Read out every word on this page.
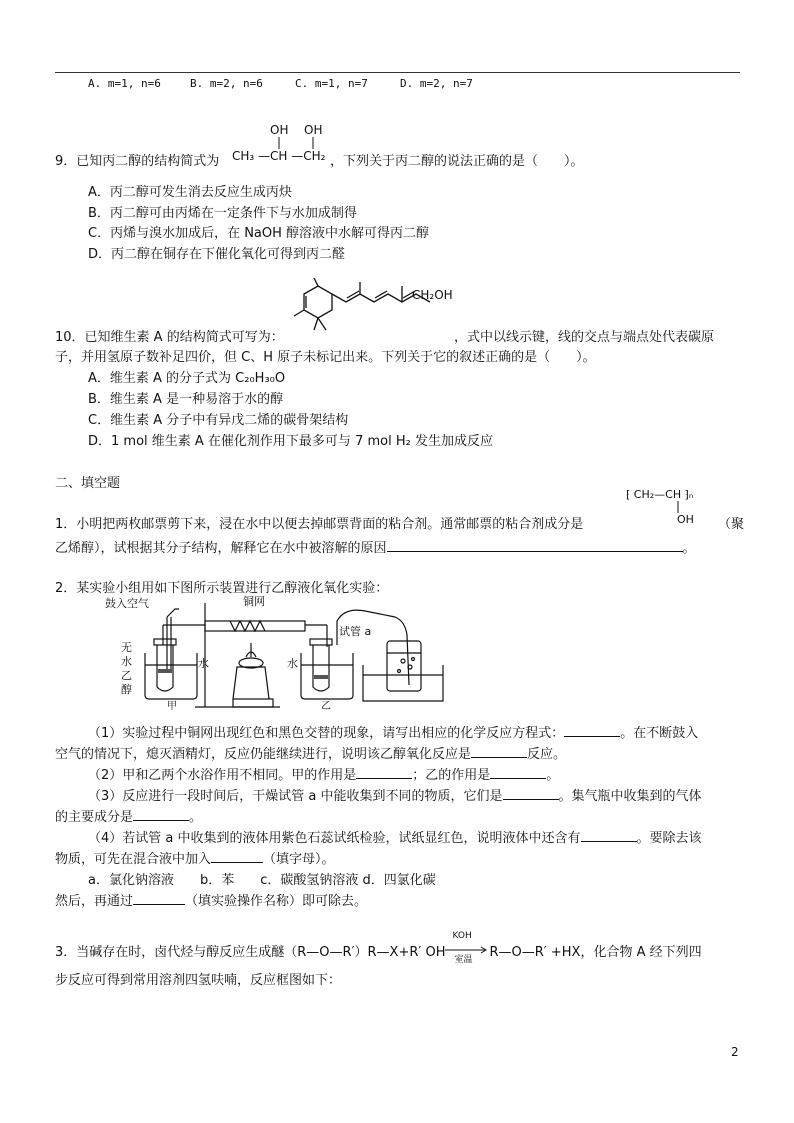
A. m=1, n=6	B. m=2, n=6	C. m=1, n=7	D. m=2, n=7
9．已知丙二醇的结构简式为
OH OH
CH₃ —CH —CH₂ ，下列关于丙二醇的说法正确的是（　　）。
A．丙二醇可发生消去反应生成丙炔
B．丙二醇可由丙烯在一定条件下与水加成制得
C．丙烯与溴水加成后，在 NaOH 醇溶液中水解可得丙二醇
D．丙二醇在铜存在下催化氧化可得到丙二醛
CH₂OH
10．已知维生素 A 的结构简式可写为：	，式中以线示键，线的交点与端点处代表碳原
子，并用氢原子数补足四价，但 C、H 原子未标记出来。下列关于它的叙述正确的是（　　）。
A．维生素 A 的分子式为 C₂₀H₃₀O
B．维生素 A 是一种易溶于水的醇
C．维生素 A 分子中有异戊二烯的碳骨架结构
D．1 mol 维生素 A 在催化剂作用下最多可与 7 mol H₂ 发生加成反应
二、填空题
⁅ CH₂—CH ⁆ₙ
OH
1．小明把两枚邮票剪下来，浸在水中以便去掉邮票背面的粘合剂。通常邮票的粘合剂成分是	（聚
乙烯醇），试根据其分子结构，解释它在水中被溶解的原因	。
2．某实验小组用如下图所示装置进行乙醇液化氧化实验：
鼓入空气	铜网
试管 a
无
水
乙
醇
水	水
甲	乙
（1）实验过程中铜网出现红色和黑色交替的现象，请写出相应的化学反应方程式：	。在不断鼓入
空气的情况下，熄灭酒精灯，反应仍能继续进行，说明该乙醇氧化反应是	反应。
（2）甲和乙两个水浴作用不相同。甲的作用是	；乙的作用是	。
（3）反应进行一段时间后，干燥试管 a 中能收集到不同的物质，它们是	。集气瓶中收集到的气体
的主要成分是	。
（4）若试管 a 中收集到的液体用紫色石蕊试纸检验，试纸显红色，说明液体中还含有	。要除去该
物质，可先在混合液中加入	（填字母）。
a．氯化钠溶液　　b．苯　　c．碳酸氢钠溶液 d．四氯化碳
然后，再通过	（填实验操作名称）即可除去。
3．当碱存在时，卤代烃与醇反应生成醚（R—O—R′）R—X+R′ OH
KOH
室温 R—O—R′ +HX，化合物 A 经下列四
步反应可得到常用溶剂四氢呋喃，反应框图如下：
2
